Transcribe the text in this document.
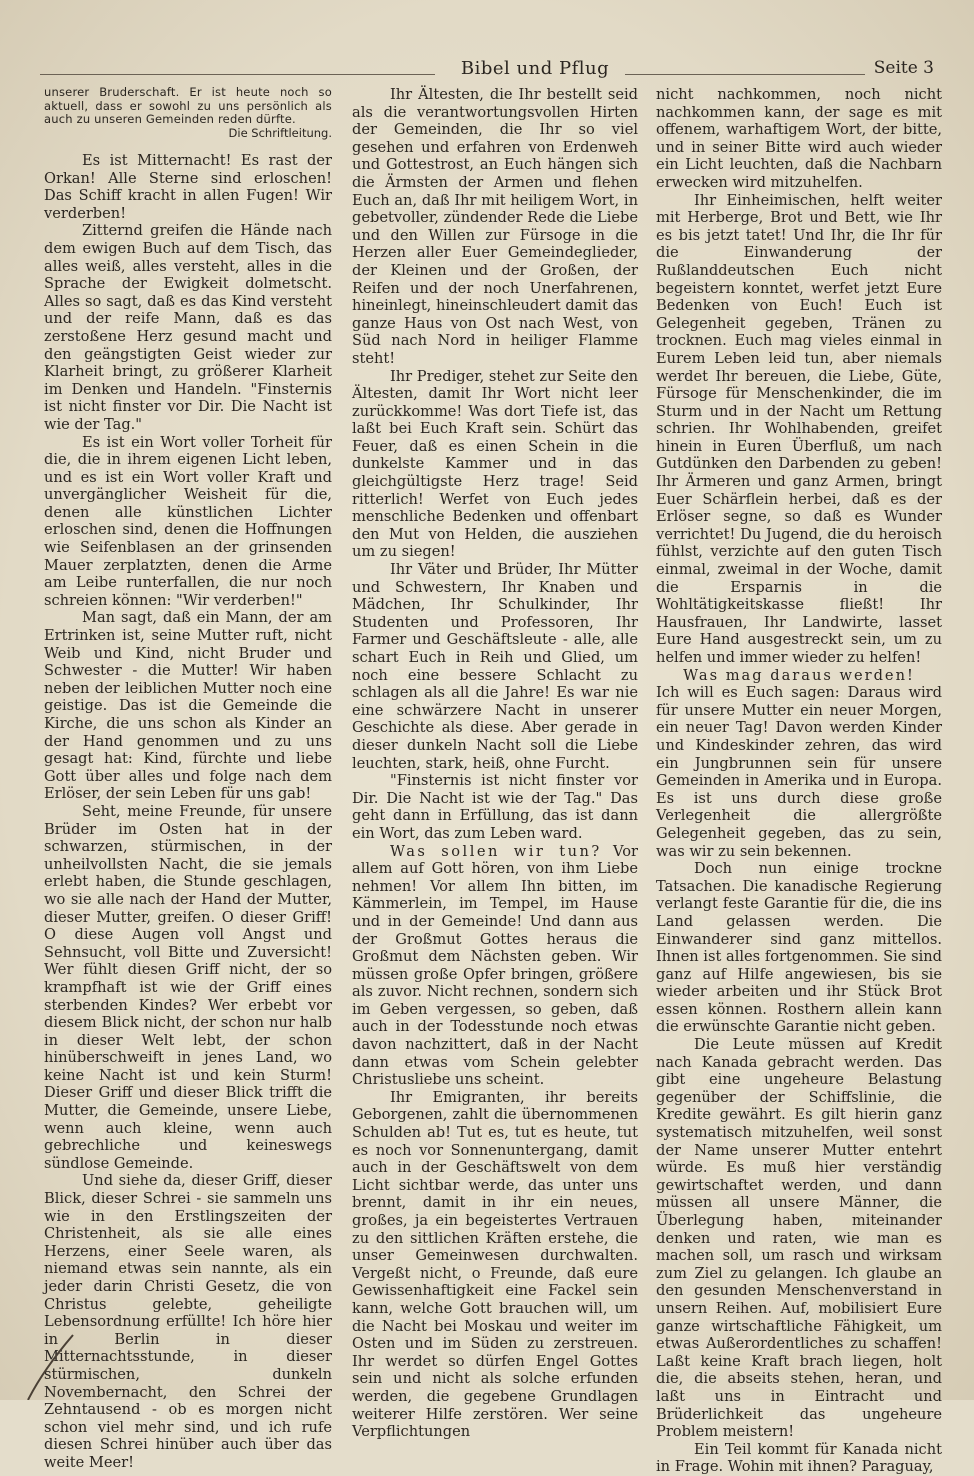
Bibel und Pflug	Seite 3

unserer Bruderschaft. Er ist heute noch so aktuell, dass er sowohl zu uns persönlich als auch zu unseren Gemeinden reden dürfte.

Die Schriftleitung.

Es ist Mitternacht! Es rast der Orkan! Alle Sterne sind erloschen! Das Schiff kracht in allen Fugen! Wir verderben!

Zitternd greifen die Hände nach dem ewigen Buch auf dem Tisch, das alles weiß, alles versteht, alles in die Sprache der Ewigkeit dolmetscht. Alles so sagt, daß es das Kind versteht und der reife Mann, daß es das zerstoßene Herz gesund macht und den geängstigten Geist wieder zur Klarheit bringt, zu größerer Klarheit im Denken und Handeln. "Finsternis ist nicht finster vor Dir. Die Nacht ist wie der Tag."

Es ist ein Wort voller Torheit für die, die in ihrem eigenen Licht leben, und es ist ein Wort voller Kraft und unvergänglicher Weisheit für die, denen alle künstlichen Lichter erloschen sind, denen die Hoffnungen wie Seifenblasen an der grinsenden Mauer zerplatzten, denen die Arme am Leibe runterfallen, die nur noch schreien können: "Wir verderben!"

Man sagt, daß ein Mann, der am Ertrinken ist, seine Mutter ruft, nicht Weib und Kind, nicht Bruder und Schwester - die Mutter! Wir haben neben der leiblichen Mutter noch eine geistige. Das ist die Gemeinde die Kirche, die uns schon als Kinder an der Hand genommen und zu uns gesagt hat: Kind, fürchte und liebe Gott über alles und folge nach dem Erlöser, der sein Leben für uns gab!

Seht, meine Freunde, für unsere Brüder im Osten hat in der schwarzen, stürmischen, in der unheilvollsten Nacht, die sie jemals erlebt haben, die Stunde geschlagen, wo sie alle nach der Hand der Mutter, dieser Mutter, greifen. O dieser Griff! O diese Augen voll Angst und Sehnsucht, voll Bitte und Zuversicht! Wer fühlt diesen Griff nicht, der so krampfhaft ist wie der Griff eines sterbenden Kindes? Wer erbebt vor diesem Blick nicht, der schon nur halb in dieser Welt lebt, der schon hinüberschweift in jenes Land, wo keine Nacht ist und kein Sturm! Dieser Griff und dieser Blick trifft die Mutter, die Gemeinde, unsere Liebe, wenn auch kleine, wenn auch gebrechliche und keineswegs sündlose Gemeinde.

Und siehe da, dieser Griff, dieser Blick, dieser Schrei - sie sammeln uns wie in den Erstlingszeiten der Christenheit, als sie alle eines Herzens, einer Seele waren, als niemand etwas sein nannte, als ein jeder darin Christi Gesetz, die von Christus gelebte, geheiligte Lebensordnung erfüllte! Ich höre hier in Berlin in dieser Mitternachtsstunde, in dieser stürmischen, dunkeln Novembernacht, den Schrei der Zehntausend - ob es morgen nicht schon viel mehr sind, und ich rufe diesen Schrei hinüber auch über das weite Meer!

Ihr Ältesten, die Ihr bestellt seid als die verantwortungsvollen Hirten der Gemeinden, die Ihr so viel gesehen und erfahren von Erdenweh und Gottestrost, an Euch hängen sich die Ärmsten der Armen und flehen Euch an, daß Ihr mit heiligem Wort, in gebetvoller, zündender Rede die Liebe und den Willen zur Fürsoge in die Herzen aller Euer Gemeindeglieder, der Kleinen und der Großen, der Reifen und der noch Unerfahrenen, hineinlegt, hineinschleudert damit das ganze Haus von Ost nach West, von Süd nach Nord in heiliger Flamme steht!

Ihr Prediger, stehet zur Seite den Ältesten, damit Ihr Wort nicht leer zurückkomme! Was dort Tiefe ist, das laßt bei Euch Kraft sein. Schürt das Feuer, daß es einen Schein in die dunkelste Kammer und in das gleichgültigste Herz trage! Seid ritterlich! Werfet von Euch jedes menschliche Bedenken und offenbart den Mut von Helden, die ausziehen um zu siegen!

Ihr Väter und Brüder, Ihr Mütter und Schwestern, Ihr Knaben und Mädchen, Ihr Schulkinder, Ihr Studenten und Professoren, Ihr Farmer und Geschäftsleute - alle, alle schart Euch in Reih und Glied, um noch eine bessere Schlacht zu schlagen als all die Jahre! Es war nie eine schwärzere Nacht in unserer Geschichte als diese. Aber gerade in dieser dunkeln Nacht soll die Liebe leuchten, stark, heiß, ohne Furcht.

"Finsternis ist nicht finster vor Dir. Die Nacht ist wie der Tag." Das geht dann in Erfüllung, das ist dann ein Wort, das zum Leben ward.

Was sollen wir tun? Vor allem auf Gott hören, von ihm Liebe nehmen! Vor allem Ihn bitten, im Kämmerlein, im Tempel, im Hause und in der Gemeinde! Und dann aus der Großmut Gottes heraus die Großmut dem Nächsten geben. Wir müssen große Opfer bringen, größere als zuvor. Nicht rechnen, sondern sich im Geben vergessen, so geben, daß auch in der Todesstunde noch etwas davon nachzittert, daß in der Nacht dann etwas vom Schein gelebter Christusliebe uns scheint.

Ihr Emigranten, ihr bereits Geborgenen, zahlt die übernommenen Schulden ab! Tut es, tut es heute, tut es noch vor Sonnenuntergang, damit auch in der Geschäftswelt von dem Licht sichtbar werde, das unter uns brennt, damit in ihr ein neues, großes, ja ein begeistertes Vertrauen zu den sittlichen Kräften erstehe, die unser Gemeinwesen durchwalten. Vergeßt nicht, o Freunde, daß eure Gewissenhaftigkeit eine Fackel sein kann, welche Gott brauchen will, um die Nacht bei Moskau und weiter im Osten und im Süden zu zerstreuen. Ihr werdet so dürfen Engel Gottes sein und nicht als solche erfunden werden, die gegebene Grundlagen weiterer Hilfe zerstören. Wer seine Verpflichtungen

nicht nachkommen, noch nicht nachkommen kann, der sage es mit offenem, warhaftigem Wort, der bitte, und in seiner Bitte wird auch wieder ein Licht leuchten, daß die Nachbarn erwecken wird mitzuhelfen.

Ihr Einheimischen, helft weiter mit Herberge, Brot und Bett, wie Ihr es bis jetzt tatet! Und Ihr, die Ihr für die Einwanderung der Rußlanddeutschen Euch nicht begeistern konntet, werfet jetzt Eure Bedenken von Euch! Euch ist Gelegenheit gegeben, Tränen zu trocknen. Euch mag vieles einmal in Eurem Leben leid tun, aber niemals werdet Ihr bereuen, die Liebe, Güte, Fürsoge für Menschenkinder, die im Sturm und in der Nacht um Rettung schrien. Ihr Wohlhabenden, greifet hinein in Euren Überfluß, um nach Gutdünken den Darbenden zu geben! Ihr Ärmeren und ganz Armen, bringt Euer Schärflein herbei, daß es der Erlöser segne, so daß es Wunder verrichtet! Du Jugend, die du heroisch fühlst, verzichte auf den guten Tisch einmal, zweimal in der Woche, damit die Ersparnis in die Wohltätigkeitskasse fließt! Ihr Hausfrauen, Ihr Landwirte, lasset Eure Hand ausgestreckt sein, um zu helfen und immer wieder zu helfen!

Was mag daraus werden!

Ich will es Euch sagen: Daraus wird für unsere Mutter ein neuer Morgen, ein neuer Tag! Davon werden Kinder und Kindeskinder zehren, das wird ein Jungbrunnen sein für unsere Gemeinden in Amerika und in Europa. Es ist uns durch diese große Verlegenheit die allergrößte Gelegenheit gegeben, das zu sein, was wir zu sein bekennen.

Doch nun einige trockne Tatsachen. Die kanadische Regierung verlangt feste Garantie für die, die ins Land gelassen werden. Die Einwanderer sind ganz mittellos. Ihnen ist alles fortgenommen. Sie sind ganz auf Hilfe angewiesen, bis sie wieder arbeiten und ihr Stück Brot essen können. Rosthern allein kann die erwünschte Garantie nicht geben.

Die Leute müssen auf Kredit nach Kanada gebracht werden. Das gibt eine ungeheure Belastung gegenüber der Schiffslinie, die Kredite gewährt. Es gilt hierin ganz systematisch mitzuhelfen, weil sonst der Name unserer Mutter entehrt würde. Es muß hier verständig gewirtschaftet werden, und dann müssen all unsere Männer, die Überlegung haben, miteinander denken und raten, wie man es machen soll, um rasch und wirksam zum Ziel zu gelangen. Ich glaube an den gesunden Menschenverstand in unsern Reihen. Auf, mobilisiert Eure ganze wirtschaftliche Fähigkeit, um etwas Außerordentliches zu schaffen! Laßt keine Kraft brach liegen, holt die, die abseits stehen, heran, und laßt uns in Eintracht und Brüderlichkeit das ungeheure Problem meistern!

Ein Teil kommt für Kanada nicht in Frage. Wohin mit ihnen? Paraguay,
